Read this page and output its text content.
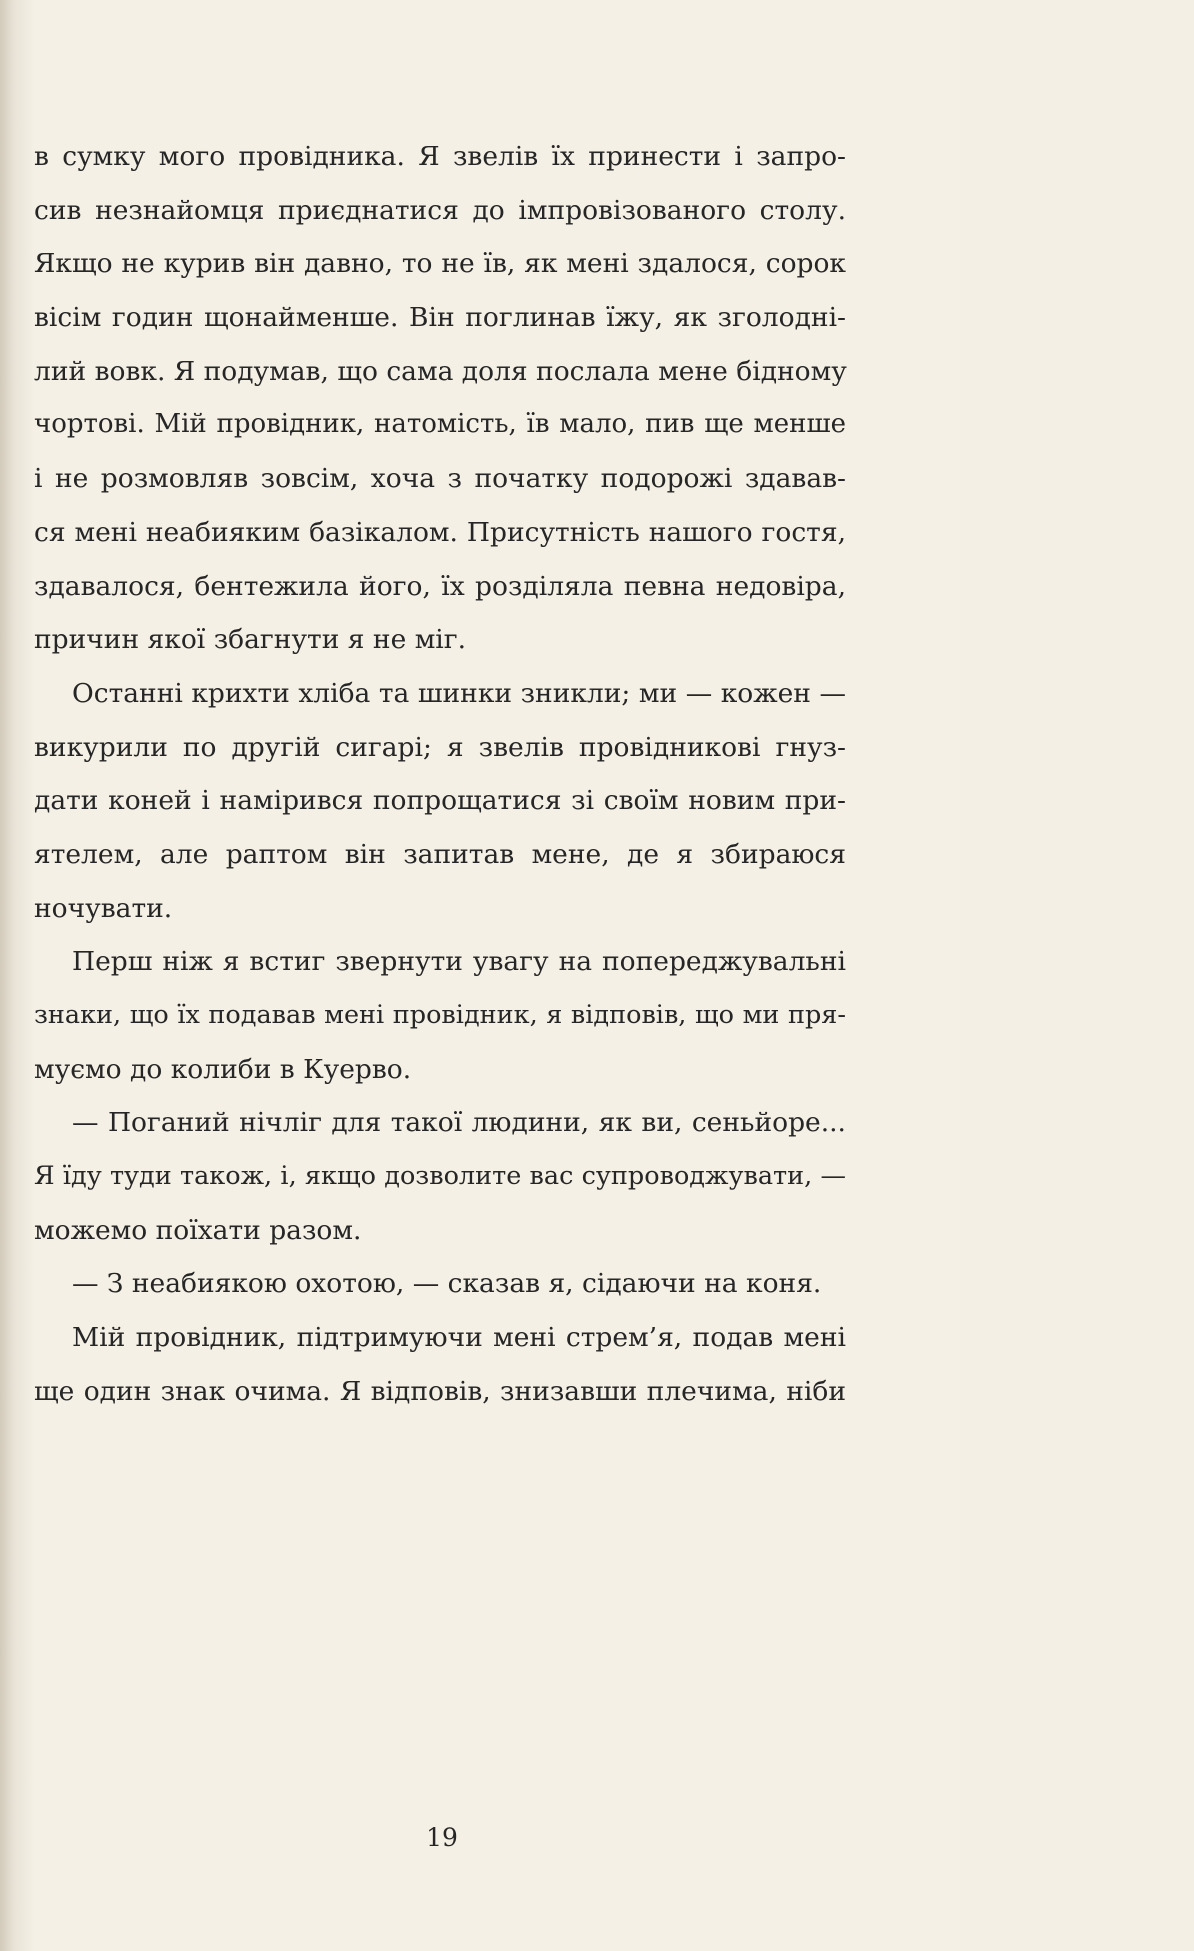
в сумку мого провідника. Я звелів їх принести і запро-
сив незнайомця приєднатися до імпровізованого столу.
Якщо не курив він давно, то не їв, як мені здалося, сорок
вісім годин щонайменше. Він поглинав їжу, як зголодні-
лий вовк. Я подумав, що сама доля послала мене бідному
чортові. Мій провідник, натомість, їв мало, пив ще менше
і не розмовляв зовсім, хоча з початку подорожі здавав-
ся мені неабияким базікалом. Присутність нашого гостя,
здавалося, бентежила його, їх розділяла певна недовіра,
причин якої збагнути я не міг.
Останні крихти хліба та шинки зникли; ми — кожен —
викурили по другій сигарі; я звелів провідникові гнуз-
дати коней і намірився попрощатися зі своїм новим при-
ятелем, але раптом він запитав мене, де я збираюся
ночувати.
Перш ніж я встиг звернути увагу на попереджувальні
знаки, що їх подавав мені провідник, я відповів, що ми пря-
муємо до колиби в Куерво.
— Поганий нічліг для такої людини, як ви, сеньйоре...
Я їду туди також, і, якщо дозволите вас супроводжувати, —
можемо поїхати разом.
— З неабиякою охотою, — сказав я, сідаючи на коня.
Мій провідник, підтримуючи мені стрем’я, подав мені
ще один знак очима. Я відповів, знизавши плечима, ніби
19
